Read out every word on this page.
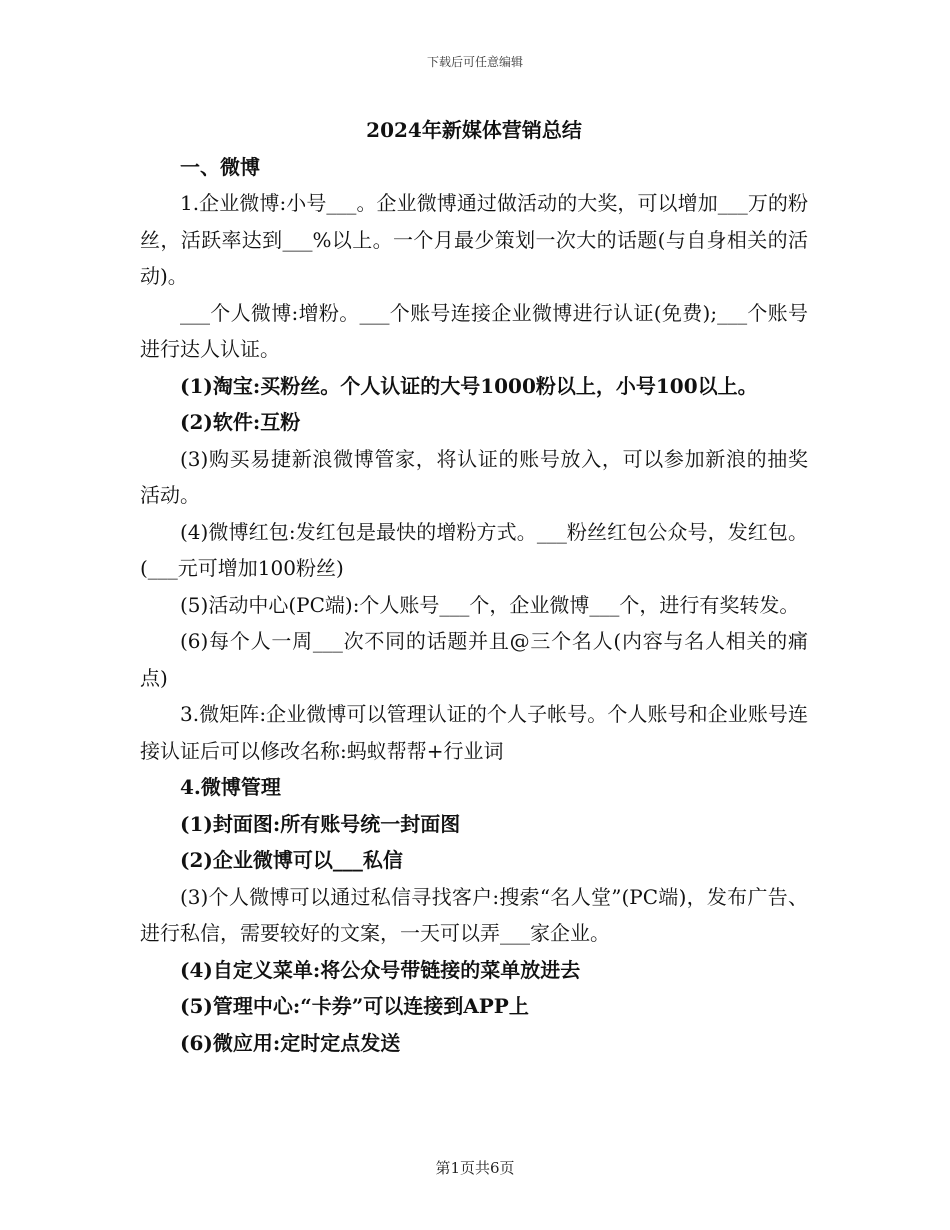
下载后可任意编辑

2024年新媒体营销总结

一、微博

1.企业微博:小号___。企业微博通过做活动的大奖，可以增加___万的粉丝，活跃率达到___%以上。一个月最少策划一次大的话题(与自身相关的活动)。

___个人微博:增粉。___个账号连接企业微博进行认证(免费);___个账号进行达人认证。

(1)淘宝:买粉丝。个人认证的大号1000粉以上，小号100以上。

(2)软件:互粉

(3)购买易捷新浪微博管家，将认证的账号放入，可以参加新浪的抽奖活动。

(4)微博红包:发红包是最快的增粉方式。___粉丝红包公众号，发红包。(___元可增加100粉丝)

(5)活动中心(PC端):个人账号___个，企业微博___个，进行有奖转发。

(6)每个人一周___次不同的话题并且@三个名人(内容与名人相关的痛点)

3.微矩阵:企业微博可以管理认证的个人子帐号。个人账号和企业账号连接认证后可以修改名称:蚂蚁帮帮+行业词

4.微博管理

(1)封面图:所有账号统一封面图

(2)企业微博可以___私信

(3)个人微博可以通过私信寻找客户:搜索“名人堂”(PC端)，发布广告、进行私信，需要较好的文案，一天可以弄___家企业。

(4)自定义菜单:将公众号带链接的菜单放进去

(5)管理中心:“卡券”可以连接到APP上

(6)微应用:定时定点发送

第1页共6页
